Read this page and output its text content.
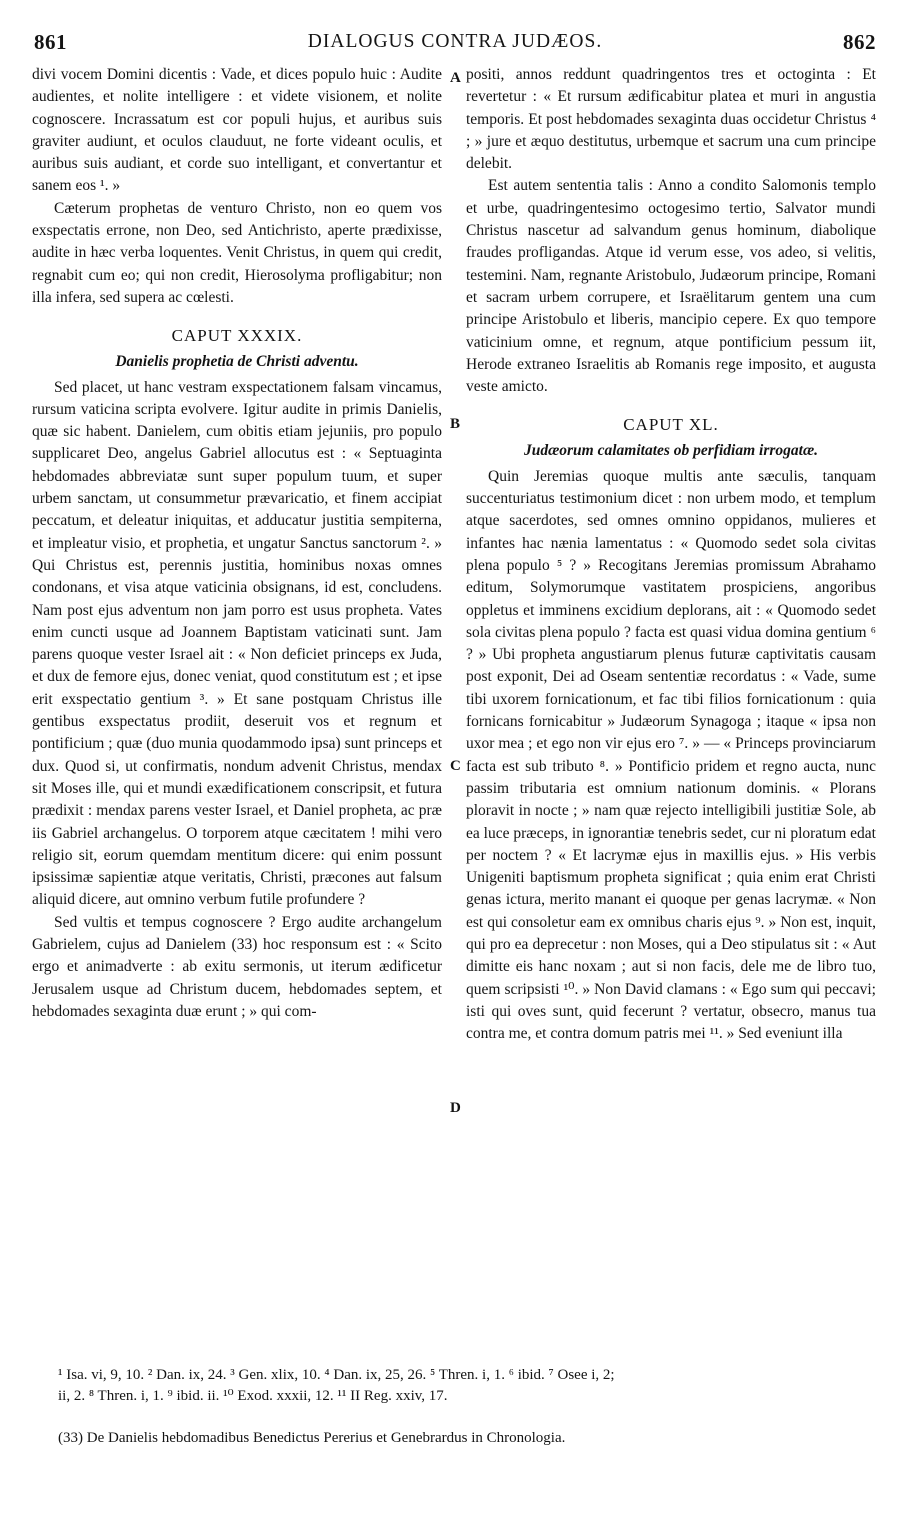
861	DIALOGUS CONTRA JUDÆOS.	862

divi vocem Domini dicentis : Vade, et dices populo huic : Audite audientes, et nolite intelligere : et videte visionem, et nolite cognoscere. Incrassatum est cor populi hujus, et auribus suis graviter audiunt, et oculos clauduut, ne forte videant oculis, et auribus suis audiant, et corde suo intelligant, et convertantur et sanem eos ¹. »

Cæterum prophetas de venturo Christo, non eo quem vos exspectatis errone, non Deo, sed Antichristo, aperte prædixisse, audite in hæc verba loquentes. Venit Christus, in quem qui credit, regnabit cum eo; qui non credit, Hierosolyma profligabitur; non illa infera, sed supera ac cœlesti.

CAPUT XXXIX.
Danielis prophetia de Christi adventu.

Sed placet, ut hanc vestram exspectationem falsam vincamus, rursum vaticina scripta evolvere. Igitur audite in primis Danielis, quæ sic habent. Danielem, cum obitis etiam jejuniis, pro populo supplicaret Deo, angelus Gabriel allocutus est : « Septuaginta hebdomades abbreviatæ sunt super populum tuum, et super urbem sanctam, ut consummetur prævaricatio, et finem accipiat peccatum, et deleatur iniquitas, et adducatur justitia sempiterna, et impleatur visio, et prophetia, et ungatur Sanctus sanctorum ². » Qui Christus est, perennis justitia, hominibus noxas omnes condonans, et visa atque vaticinia obsignans, id est, concludens. Nam post ejus adventum non jam porro est usus propheta. Vates enim cuncti usque ad Joannem Baptistam vaticinati sunt. Jam parens quoque vester Israel ait : « Non deficiet princeps ex Juda, et dux de femore ejus, donec veniat, quod constitutum est ; et ipse erit exspectatio gentium ³. » Et sane postquam Christus ille gentibus exspectatus prodiit, deseruit vos et regnum et pontificium ; quæ (duo munia quodammodo ipsa) sunt princeps et dux. Quod si, ut confirmatis, nondum advenit Christus, mendax sit Moses ille, qui et mundi exædificationem conscripsit, et futura prædixit : mendax parens vester Israel, et Daniel propheta, ac præ iis Gabriel archangelus. O torporem atque cæcitatem ! mihi vero religio sit, eorum quemdam mentitum dicere: qui enim possunt ipsissimæ sapientiæ atque veritatis, Christi, præcones aut falsum aliquid dicere, aut omnino verbum futile profundere ?

Sed vultis et tempus cognoscere ? Ergo audite archangelum Gabrielem, cujus ad Danielem (33) hoc responsum est : « Scito ergo et animadverte : ab exitu sermonis, ut iterum ædificetur Jerusalem usque ad Christum ducem, hebdomades septem, et hebdomades sexaginta duæ erunt ; » qui com-

A
B
C
D

positi, annos reddunt quadringentos tres et octoginta : Et revertetur : « Et rursum ædificabitur platea et muri in angustia temporis. Et post hebdomades sexaginta duas occidetur Christus ⁴ ; » jure et æquo destitutus, urbemque et sacrum una cum principe delebit.

Est autem sententia talis : Anno a condito Salomonis templo et urbe, quadringentesimo octogesimo tertio, Salvator mundi Christus nascetur ad salvandum genus hominum, diabolique fraudes profligandas. Atque id verum esse, vos adeo, si velitis, testemini. Nam, regnante Aristobulo, Judæorum principe, Romani et sacram urbem corrupere, et Israëlitarum gentem una cum principe Aristobulo et liberis, mancipio cepere. Ex quo tempore vaticinium omne, et regnum, atque pontificium pessum iit, Herode extraneo Israelitis ab Romanis rege imposito, et augusta veste amicto.

CAPUT XL.
Judæorum calamitates ob perfidiam irrogatæ.

Quin Jeremias quoque multis ante sæculis, tanquam succenturiatus testimonium dicet : non urbem modo, et templum atque sacerdotes, sed omnes omnino oppidanos, mulieres et infantes hac nænia lamentatus : « Quomodo sedet sola civitas plena populo ⁵ ? » Recogitans Jeremias promissum Abrahamo editum, Solymorumque vastitatem prospiciens, angoribus oppletus et imminens excidium deplorans, ait : « Quomodo sedet sola civitas plena populo ? facta est quasi vidua domina gentium ⁶ ? » Ubi propheta angustiarum plenus futuræ captivitatis causam post exponit, Dei ad Oseam sententiæ recordatus : « Vade, sume tibi uxorem fornicationum, et fac tibi filios fornicationum : quia fornicans fornicabitur » Judæorum Synagoga ; itaque « ipsa non uxor mea ; et ego non vir ejus ero ⁷. » — « Princeps provinciarum facta est sub tributo ⁸. » Pontificio pridem et regno aucta, nunc passim tributaria est omnium nationum dominis. « Plorans ploravit in nocte ; » nam quæ rejecto intelligibili justitiæ Sole, ab ea luce præceps, in ignorantiæ tenebris sedet, cur ni ploratum edat per noctem ? « Et lacrymæ ejus in maxillis ejus. » His verbis Unigeniti baptismum propheta significat ; quia enim erat Christi genas ictura, merito manant ei quoque per genas lacrymæ. « Non est qui consoletur eam ex omnibus charis ejus ⁹. » Non est, inquit, qui pro ea deprecetur : non Moses, qui a Deo stipulatus sit : « Aut dimitte eis hanc noxam ; aut si non facis, dele me de libro tuo, quem scripsisti ¹⁰. » Non David clamans : « Ego sum qui peccavi; isti qui oves sunt, quid fecerunt ? vertatur, obsecro, manus tua contra me, et contra domum patris mei ¹¹. » Sed eveniunt illa

¹ Isa. vi, 9, 10. ² Dan. ix, 24. ³ Gen. xlix, 10. ⁴ Dan. ix, 25, 26. ⁵ Thren. i, 1. ⁶ ibid. ⁷ Osee i, 2;

ii, 2. ⁸ Thren. i, 1. ⁹ ibid. ii. ¹⁰ Exod. xxxii, 12. ¹¹ II Reg. xxiv, 17.

(33) De Danielis hebdomadibus Benedictus Pererius et Genebrardus in Chronologia.
